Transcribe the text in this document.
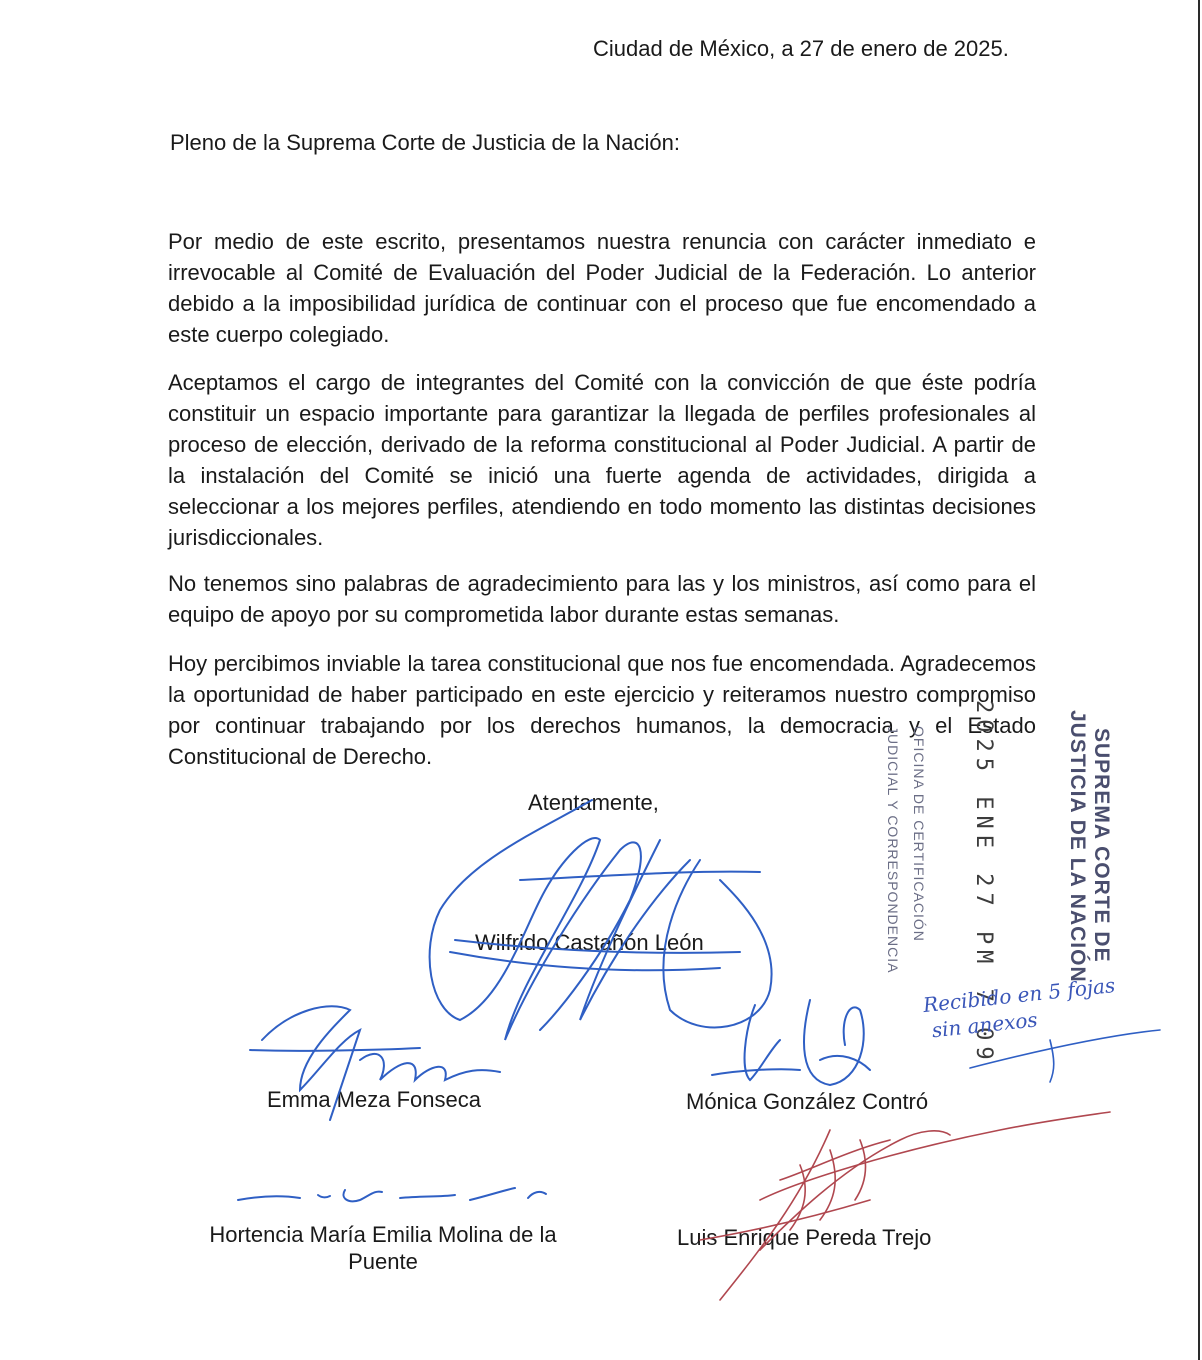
Ciudad de México, a 27 de enero de 2025.
Pleno de la Suprema Corte de Justicia de la Nación:

Por medio de este escrito, presentamos nuestra renuncia con carácter inmediato e irrevocable al Comité de Evaluación del Poder Judicial de la Federación. Lo anterior debido a la imposibilidad jurídica de continuar con el proceso que fue encomendado a este cuerpo colegiado.

Aceptamos el cargo de integrantes del Comité con la convicción de que éste podría constituir un espacio importante para garantizar la llegada de perfiles profesionales al proceso de elección, derivado de la reforma constitucional al Poder Judicial. A partir de la instalación del Comité se inició una fuerte agenda de actividades, dirigida a seleccionar a los mejores perfiles, atendiendo en todo momento las distintas decisiones jurisdiccionales.

No tenemos sino palabras de agradecimiento para las y los ministros, así como para el equipo de apoyo por su comprometida labor durante estas semanas.

Hoy percibimos inviable la tarea constitucional que nos fue encomendada. Agradecemos la oportunidad de haber participado en este ejercicio y reiteramos nuestro compromiso por continuar trabajando por los derechos humanos, la democracia y el Estado Constitucional de Derecho.	SUPREMA CORTE DE
JUSTICIA DE LA NACIÓN
2025 ENE 27 PM 7 09
OFICINA DE CERTIFICACIÓN
JUDICIAL Y CORRESPONDENCIA
Atentamente,
Wilfrido Castañón León
Emma Meza Fonseca	Mónica González Contró
Hortencia María Emilia Molina de la Puente
Luis Enrique Pereda Trejo
Recibido en 5 fojas
sin anexos
